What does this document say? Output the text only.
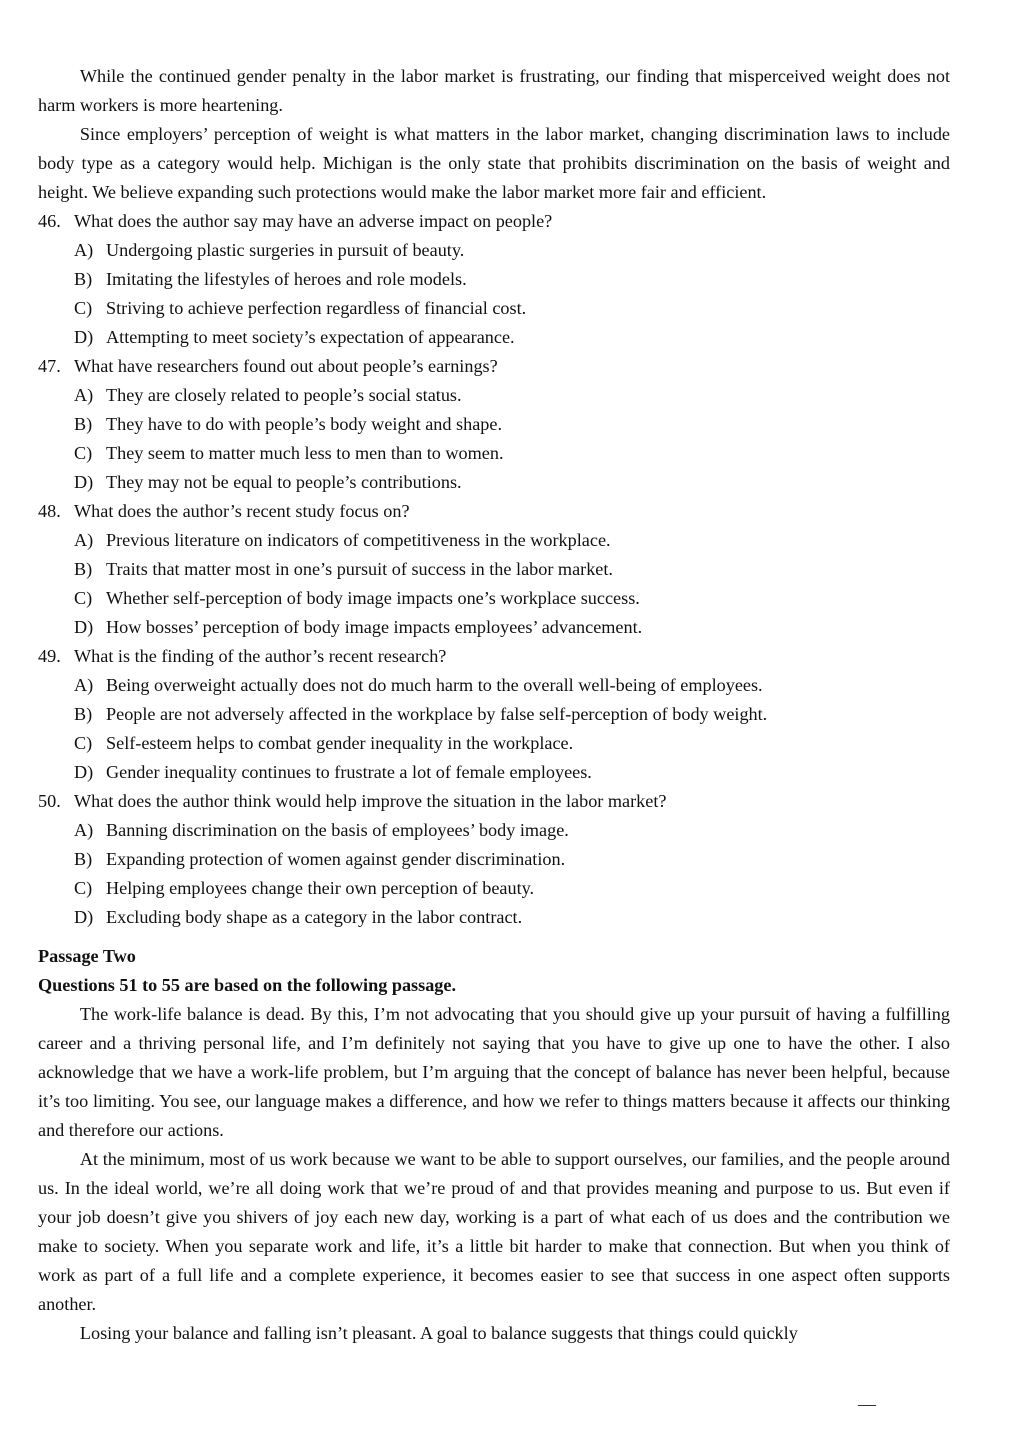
While the continued gender penalty in the labor market is frustrating, our finding that misperceived weight does not harm workers is more heartening.

Since employers’ perception of weight is what matters in the labor market, changing discrimination laws to include body type as a category would help. Michigan is the only state that prohibits discrimination on the basis of weight and height. We believe expanding such protections would make the labor market more fair and efficient.

46. What does the author say may have an adverse impact on people?
A) Undergoing plastic surgeries in pursuit of beauty.
B) Imitating the lifestyles of heroes and role models.
C) Striving to achieve perfection regardless of financial cost.
D) Attempting to meet society’s expectation of appearance.
47. What have researchers found out about people’s earnings?
A) They are closely related to people’s social status.
B) They have to do with people’s body weight and shape.
C) They seem to matter much less to men than to women.
D) They may not be equal to people’s contributions.
48. What does the author’s recent study focus on?
A) Previous literature on indicators of competitiveness in the workplace.
B) Traits that matter most in one’s pursuit of success in the labor market.
C) Whether self-perception of body image impacts one’s workplace success.
D) How bosses’ perception of body image impacts employees’ advancement.
49. What is the finding of the author’s recent research?
A) Being overweight actually does not do much harm to the overall well-being of employees.
B) People are not adversely affected in the workplace by false self-perception of body weight.
C) Self-esteem helps to combat gender inequality in the workplace.
D) Gender inequality continues to frustrate a lot of female employees.
50. What does the author think would help improve the situation in the labor market?
A) Banning discrimination on the basis of employees’ body image.
B) Expanding protection of women against gender discrimination.
C) Helping employees change their own perception of beauty.
D) Excluding body shape as a category in the labor contract.
Passage Two
Questions 51 to 55 are based on the following passage.

The work-life balance is dead. By this, I’m not advocating that you should give up your pursuit of having a fulfilling career and a thriving personal life, and I’m definitely not saying that you have to give up one to have the other. I also acknowledge that we have a work-life problem, but I’m arguing that the concept of balance has never been helpful, because it’s too limiting. You see, our language makes a difference, and how we refer to things matters because it affects our thinking and therefore our actions.

At the minimum, most of us work because we want to be able to support ourselves, our families, and the people around us. In the ideal world, we’re all doing work that we’re proud of and that provides meaning and purpose to us. But even if your job doesn’t give you shivers of joy each new day, working is a part of what each of us does and the contribution we make to society. When you separate work and life, it’s a little bit harder to make that connection. But when you think of work as part of a full life and a complete experience, it becomes easier to see that success in one aspect often supports another.

Losing your balance and falling isn’t pleasant. A goal to balance suggests that things could quickly

—
